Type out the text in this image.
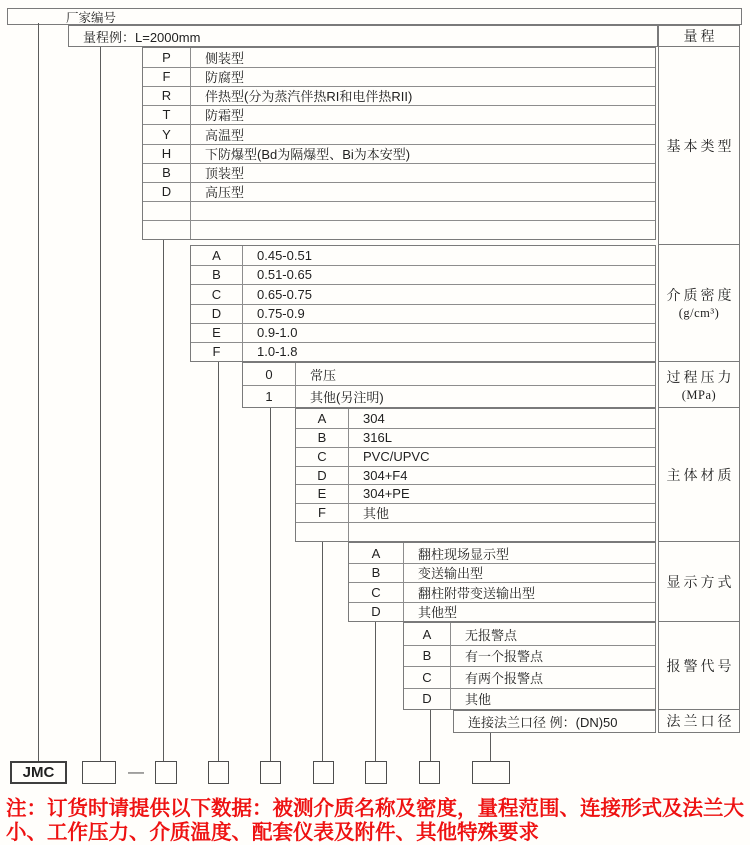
厂家编号
量程例：L=2000mm
JMC	—
注：订货时请提供以下数据：被测介质名称及密度，量程范围、连接形式及法兰大小、工作压力、介质温度、配套仪表及附件、其他特殊要求
量程
基本类型
P	侧装型
F	防腐型
R	伴热型(分为蒸汽伴热RI和电伴热RII)
T	防霜型
Y	高温型
H	下防爆型(Bd为隔爆型、Bi为本安型)
B	顶装型
D	高压型
介质密度
(g/cm³)
A	0.45-0.51
B	0.51-0.65
C	0.65-0.75
D	0.75-0.9
E	0.9-1.0
F	1.0-1.8
过程压力
(MPa)
0	常压
1	其他(另注明)
主体材质
A	304
B	316L
C	PVC/UPVC
D	304+F4
E	304+PE
F	其他
显示方式
A	翻柱现场显示型
B	变送输出型
C	翻柱附带变送输出型
D	其他型
报警代号
A	无报警点
B	有一个报警点
C	有两个报警点
D	其他
法兰口径
连接法兰口径 例：(DN)50
